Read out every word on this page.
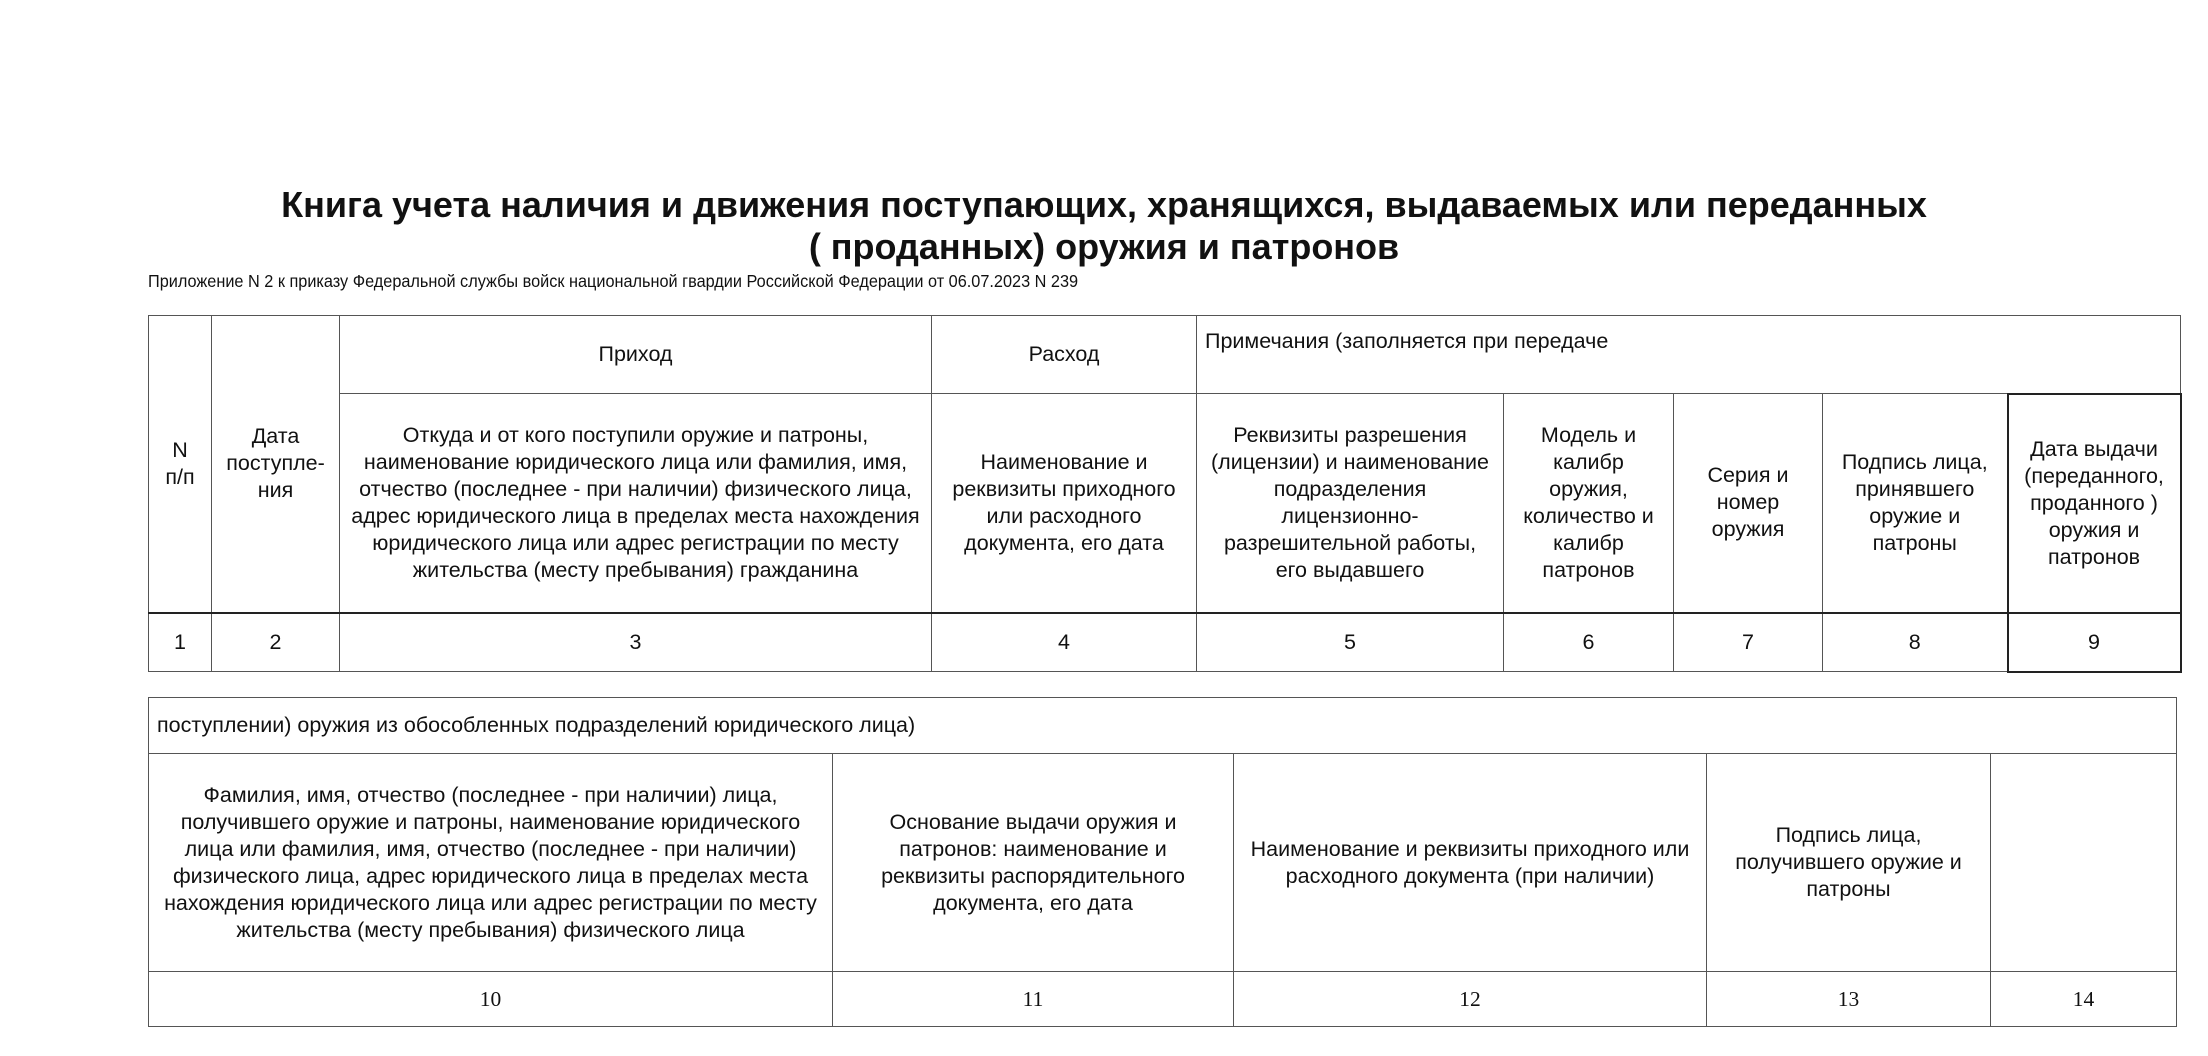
Книга учета наличия и движения поступающих, хранящихся, выдаваемых или переданных
( проданных) оружия и патронов
Приложение N 2 к приказу Федеральной службы войск национальной гвардии Российской Федерации от 06.07.2023 N 239
N п/п	Дата поступле-ния	Приход	Расход	Примечания (заполняется при передаче				
		Откуда и от кого поступили оружие и патроны, наименование юридического лица или фамилия, имя, отчество (последнее - при наличии) физического лица, адрес юридического лица в пределах места нахождения юридического лица или адрес регистрации по месту жительства (месту пребывания) гражданина	Наименование и реквизиты приходного или расходного документа, его дата	Реквизиты разрешения (лицензии) и наименование подразделения лицензионно-разрешительной работы, его выдавшего	Модель и калибр оружия, количество и калибр патронов	Серия и номер оружия	Подпись лица, принявшего оружие и патроны	Дата выдачи (переданного, проданного ) оружия и патронов
1	2	3	4	5	6	7	8	9
поступлении) оружия из обособленных подразделений юридического лица)				
Фамилия, имя, отчество (последнее - при наличии) лица, получившего оружие и патроны, наименование юридического лица или фамилия, имя, отчество (последнее - при наличии) физического лица, адрес юридического лица в пределах места нахождения юридического лица или адрес регистрации по месту жительства (месту пребывания) физического лица	Основание выдачи оружия и патронов: наименование и реквизиты распорядительного документа, его дата	Наименование и реквизиты приходного или расходного документа (при наличии)	Подпись лица, получившего оружие и патроны	
10	11	12	13	14
